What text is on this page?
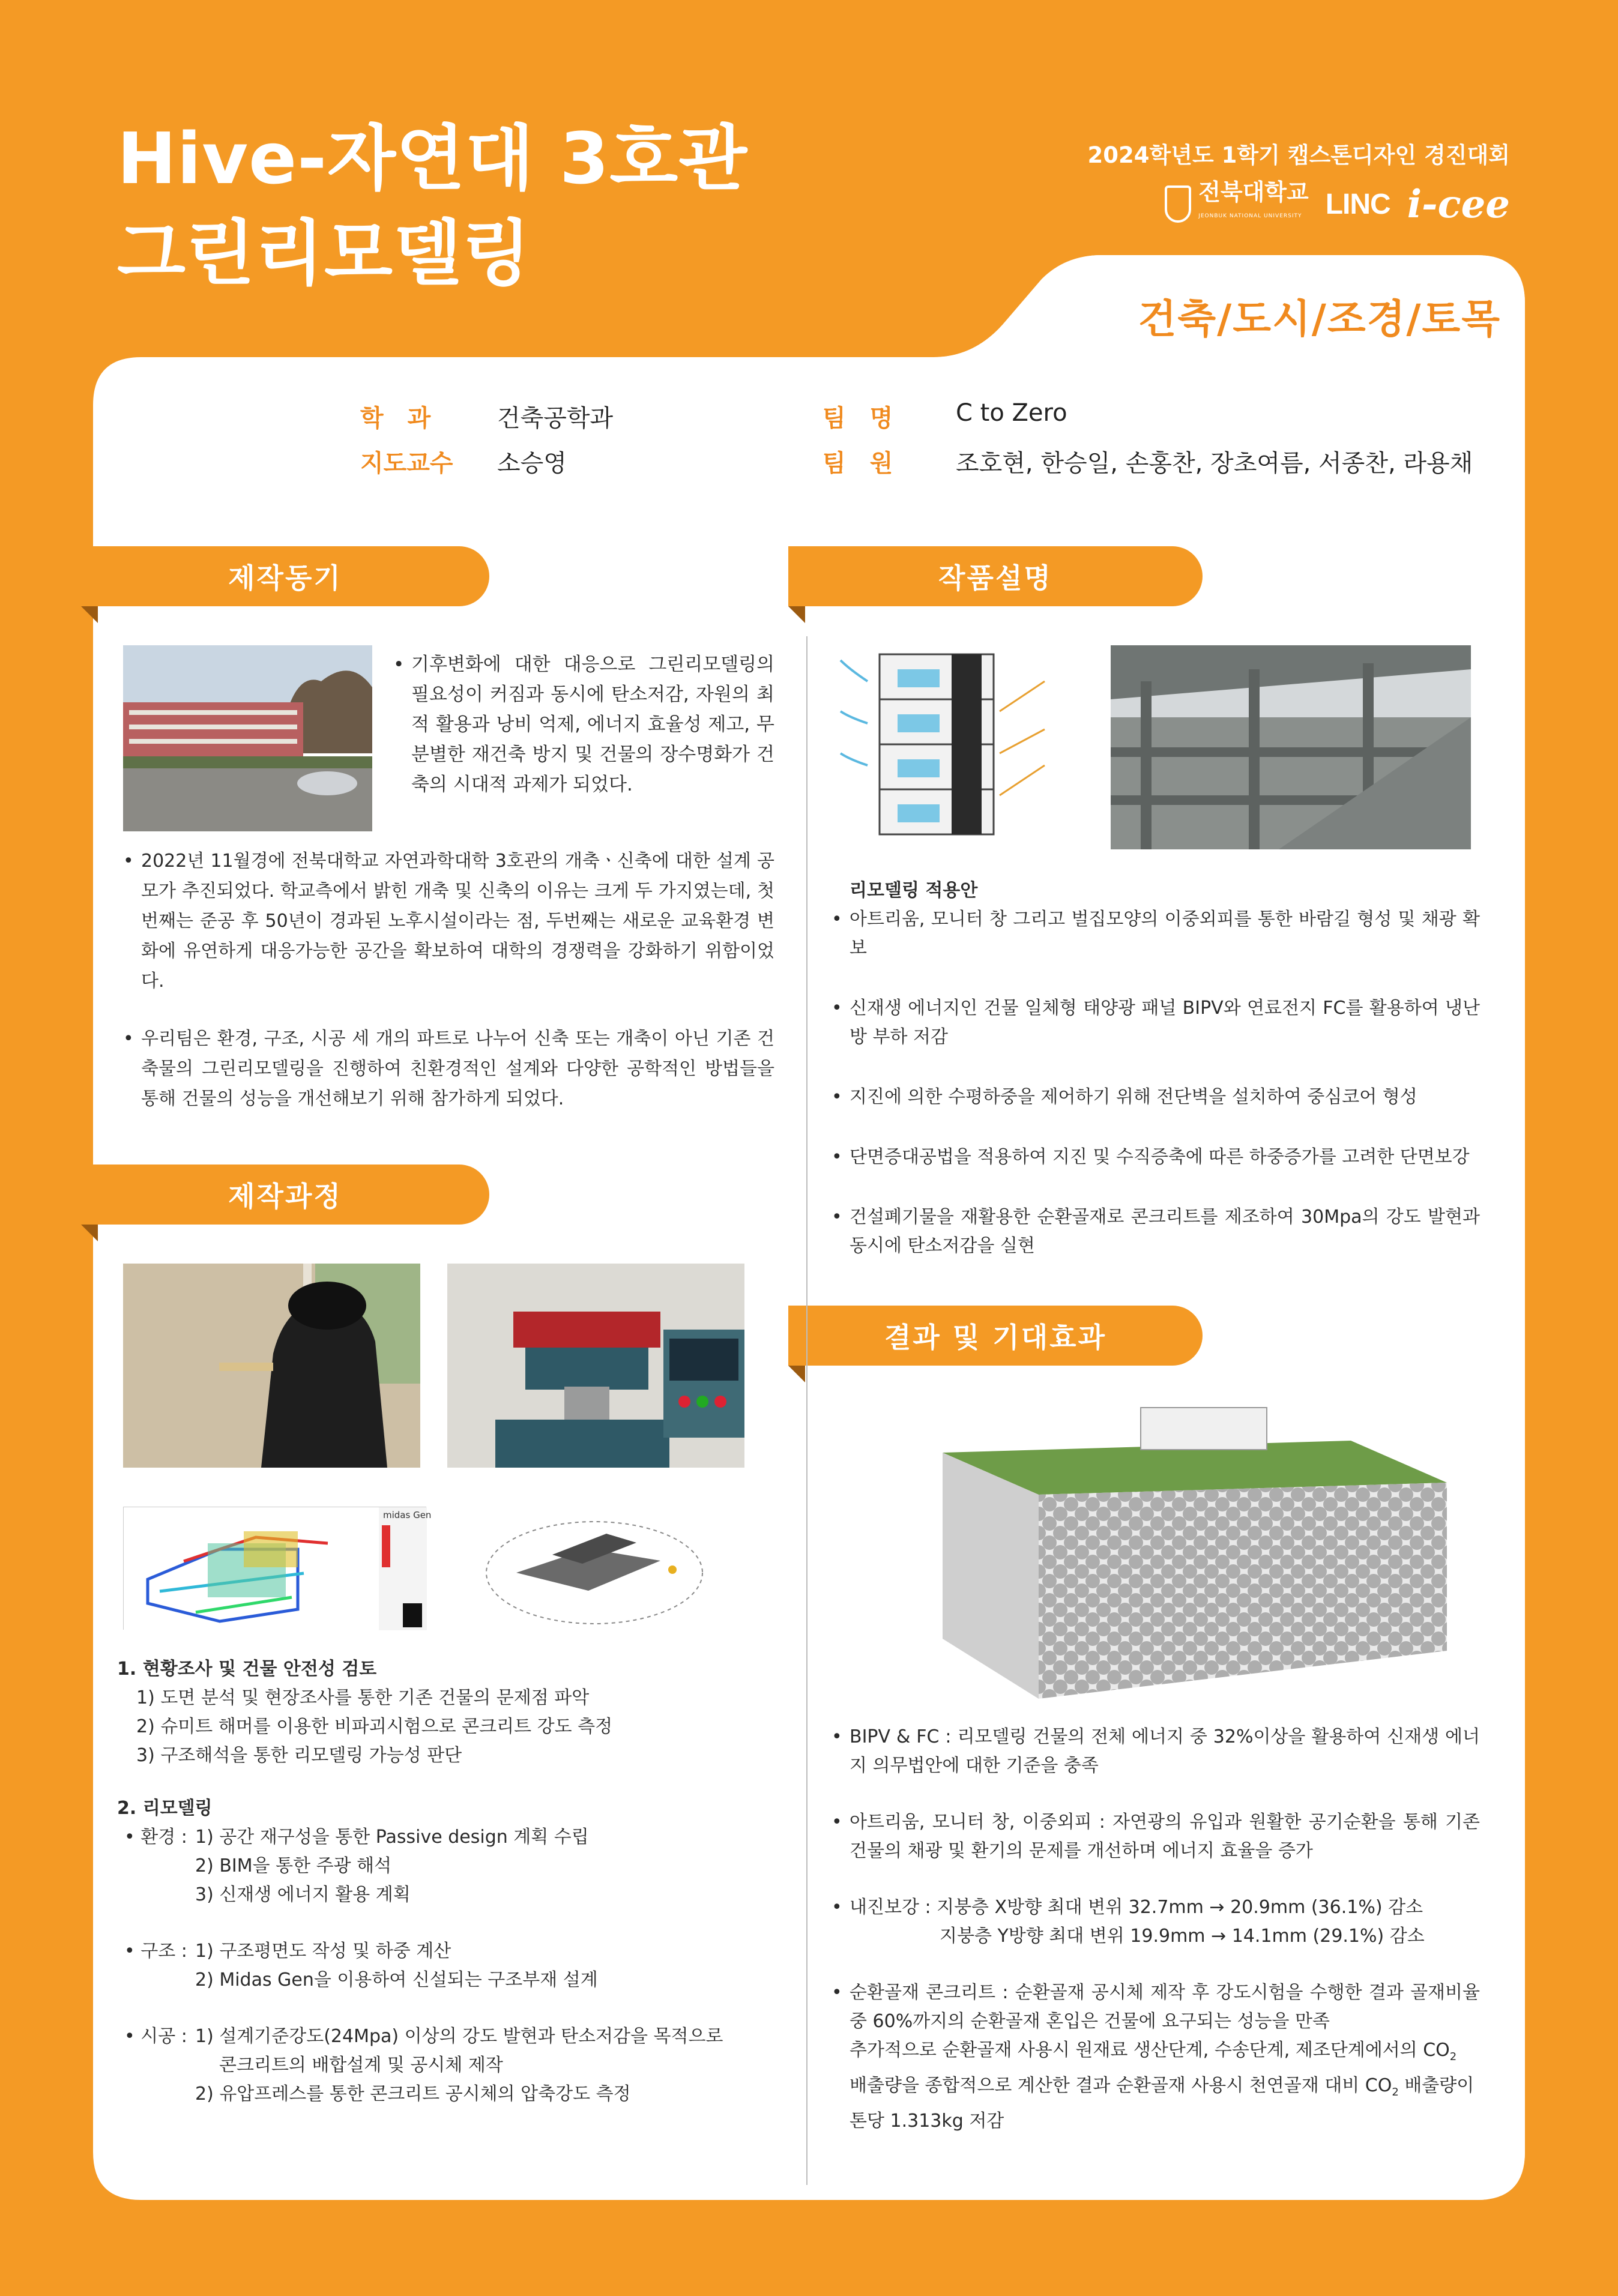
Hive-자연대 3호관
그린리모델링
2024학년도 1학기 캡스톤디자인 경진대회
전북대학교
JEONBUK NATIONAL UNIVERSITY LINC i-cee
건축/도시/조경/토목
학　과	건축공학과
지도교수 소승영
팀　명	C to Zero
팀　원	조호현, 한승일, 손홍찬, 장초여름, 서종찬, 라용채
제작동기	작품설명
제작과정
결과 및 기대효과

• 기후변화에 대한 대응으로 그린리모델링의 필요성이 커짐과 동시에 탄소저감, 자원의 최적 활용과 낭비 억제, 에너지 효율성 제고, 무분별한 재건축 방지 및 건물의 장수명화가 건축의 시대적 과제가 되었다.

• 2022년 11월경에 전북대학교 자연과학대학 3호관의 개축ㆍ신축에 대한 설계 공모가 추진되었다. 학교측에서 밝힌 개축 및 신축의 이유는 크게 두 가지였는데, 첫번째는 준공 후 50년이 경과된 노후시설이라는 점, 두번째는 새로운 교육환경 변화에 유연하게 대응가능한 공간을 확보하여 대학의 경쟁력을 강화하기 위함이었다.

• 우리팀은 환경, 구조, 시공 세 개의 파트로 나누어 신축 또는 개축이 아닌 기존 건축물의 그린리모델링을 진행하여 친환경적인 설계와 다양한 공학적인 방법들을 통해 건물의 성능을 개선해보기 위해 참가하게 되었다.

midas Gen

1. 현황조사 및 건물 안전성 검토

1) 도면 분석 및 현장조사를 통한 기존 건물의 문제점 파악

2) 슈미트 해머를 이용한 비파괴시험으로 콘크리트 강도 측정

3) 구조해석을 통한 리모델링 가능성 판단

2. 리모델링

• 환경 : 1) 공간 재구성을 통한 Passive design 계획 수립
2) BIM을 통한 주광 해석
3) 신재생 에너지 활용 계획
• 구조 : 1) 구조평면도 작성 및 하중 계산
2) Midas Gen을 이용하여 신설되는 구조부재 설계
• 시공 : 1) 설계기준강도(24Mpa) 이상의 강도 발현과 탄소저감을 목적으로
콘크리트의 배합설계 및 공시체 제작
2) 유압프레스를 통한 콘크리트 공시체의 압축강도 측정

리모델링 적용안

• 아트리움, 모니터 창 그리고 벌집모양의 이중외피를 통한 바람길 형성 및 채광 확보

• 신재생 에너지인 건물 일체형 태양광 패널 BIPV와 연료전지 FC를 활용하여 냉난방 부하 저감

• 지진에 의한 수평하중을 제어하기 위해 전단벽을 설치하여 중심코어 형성

• 단면증대공법을 적용하여 지진 및 수직증축에 따른 하중증가를 고려한 단면보강

• 건설폐기물을 재활용한 순환골재로 콘크리트를 제조하여 30Mpa의 강도 발현과 동시에 탄소저감을 실현

• BIPV & FC : 리모델링 건물의 전체 에너지 중 32%이상을 활용하여 신재생 에너지 의무법안에 대한 기준을 충족

• 아트리움, 모니터 창, 이중외피 : 자연광의 유입과 원활한 공기순환을 통해 기존 건물의 채광 및 환기의 문제를 개선하며 에너지 효율을 증가

• 내진보강 : 지붕층 X방향 최대 변위 32.7mm → 20.9mm (36.1%) 감소

지붕층 Y방향 최대 변위 19.9mm → 14.1mm (29.1%) 감소

• 순환골재 콘크리트 : 순환골재 공시체 제작 후 강도시험을 수행한 결과 골재비율 중 60%까지의 순환골재 혼입은 건물에 요구되는 성능을 만족

추가적으로 순환골재 사용시 원재료 생산단계, 수송단계, 제조단계에서의 $CO_2$

배출량을 종합적으로 계산한 결과 순환골재 사용시 천연골재 대비 $CO_2$ 배출량이

톤당 1.313kg 저감
